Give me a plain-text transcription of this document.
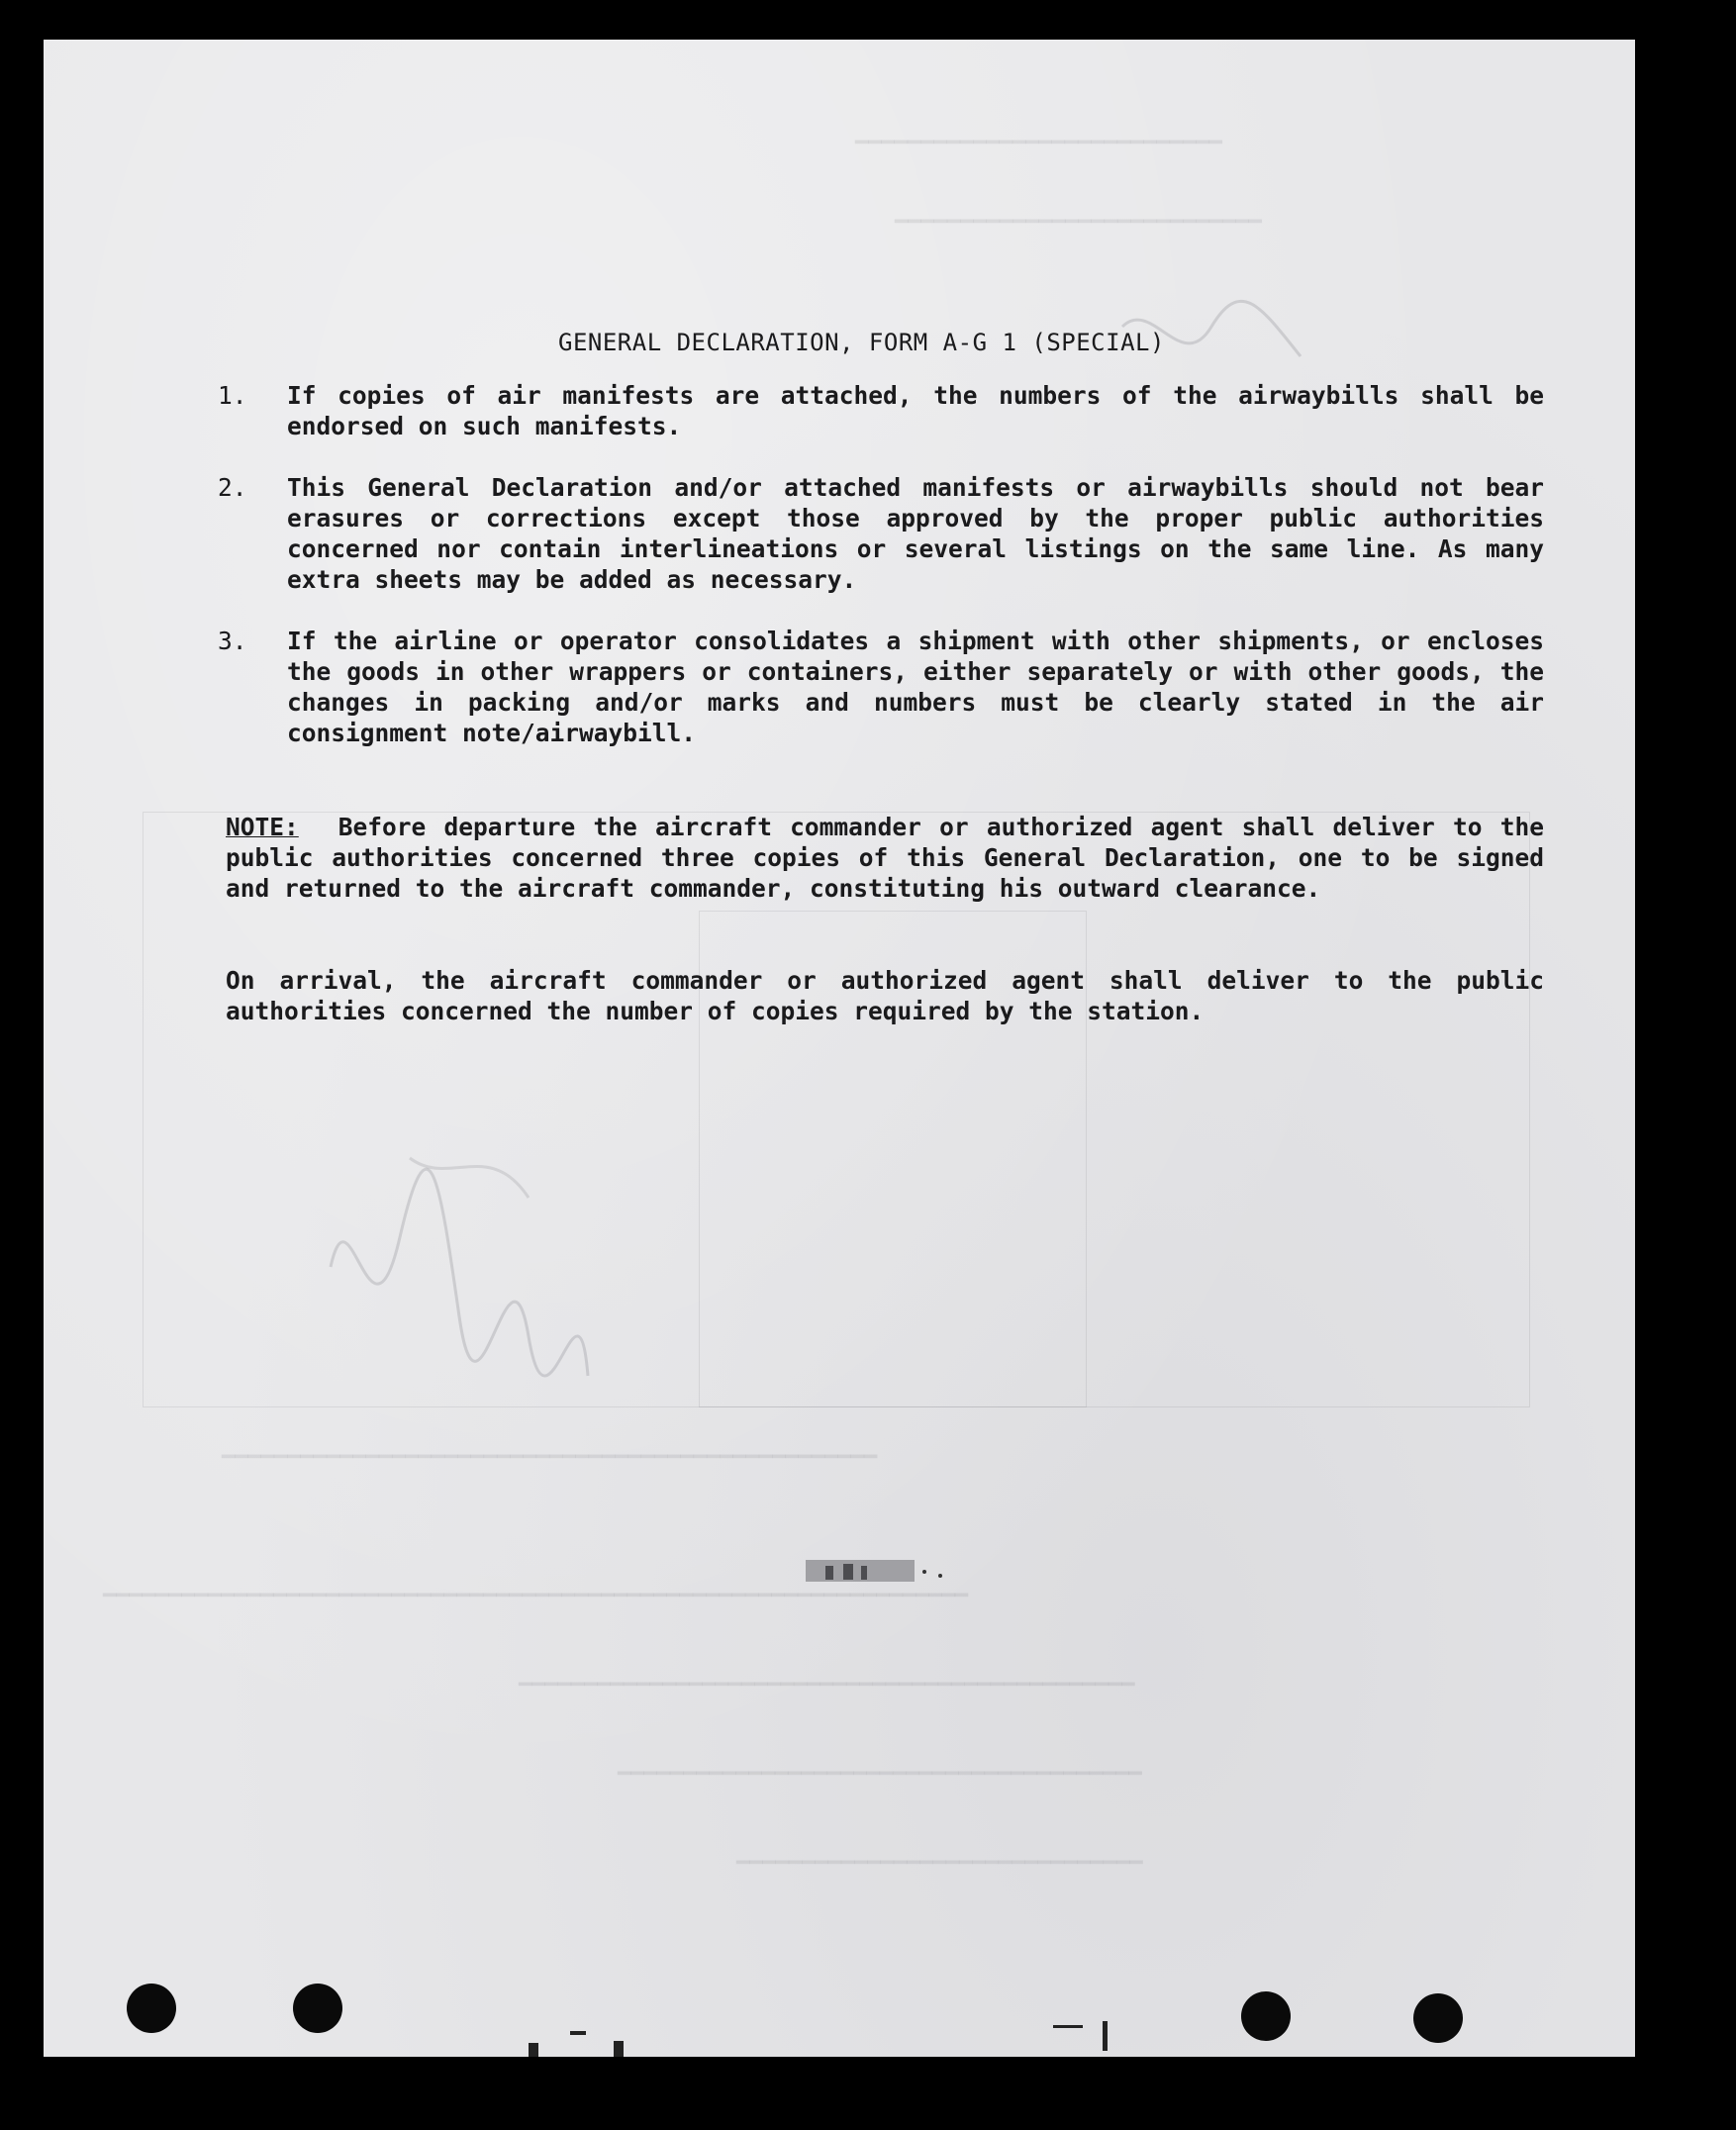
━━━━━━━━━━━━━━━━━━━━━━━━━━━━
━━━━━━━━━━━━━━━━━━━━━━━━━━━━
━━━━━━━━━━━━━━━━━━━━━━━━━━━━━━━━━━━━━━━━━━━━━━━━━━
━━━━━━━━━━━━━━━━━━━━━━━━━━━━━━━━━━━━━━━━━━━━━━━━━━━━━━━━━━━━━━━━━━
━━━━━━━━━━━━━━━━━━━━━━━━━━━━━━━━━━━━━━━━━━━━━━━
━━━━━━━━━━━━━━━━━━━━━━━━━━━━━━━━━━━━━━━━
━━━━━━━━━━━━━━━━━━━━━━━━━━━━━━━
GENERAL DECLARATION, FORM A-G 1 (SPECIAL)
1.	If copies of air manifests are attached, the numbers of the airwaybills shall be endorsed on such manifests.
2.	This General Declaration and/or attached manifests or airwaybills should not bear erasures or corrections except those approved by the proper public authorities concerned nor contain interlineations or several listings on the same line. As many extra sheets may be added as necessary.
3.	If the airline or operator consolidates a shipment with other shipments, or encloses the goods in other wrappers or containers, either separately or with other goods, the changes in packing and/or marks and numbers must be clearly stated in the air consignment note/airwaybill.
NOTE: Before departure the aircraft commander or authorized agent shall deliver to the public authorities concerned three copies of this General Declaration, one to be signed and returned to the aircraft commander, constituting his outward clearance.
On arrival, the aircraft commander or authorized agent shall deliver to the public authorities concerned the number of copies required by the station.
